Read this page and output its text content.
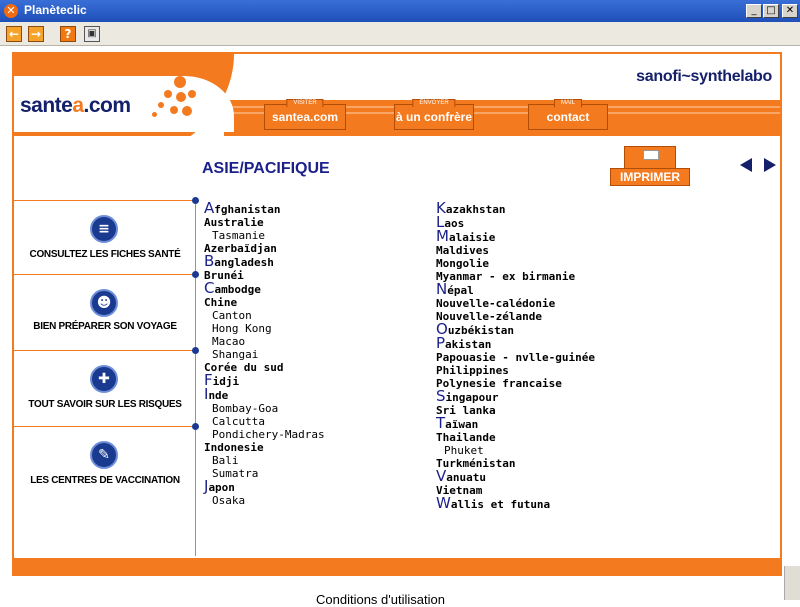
✕ Planèteclic	_ □	✕
← →	?	▣
santea.com
sanofi~synthelabo
VISITER
santea.com
ENVOYER
à un confrère
MAIL
contact
ASIE/PACIFIQUE	IMPRIMER
≡
CONSULTEZ LES FICHES SANTÉ
☻
BIEN PRÉPARER SON VOYAGE
✚
TOUT SAVOIR SUR LES RISQUES
✎
LES CENTRES DE VACCINATION
Afghanistan
Australie
Tasmanie
Azerbaïdjan
Bangladesh
Brunéi
Cambodge
Chine
Canton
Hong Kong
Macao
Shangai
Corée du sud
Fidji
Inde
Bombay-Goa
Calcutta
Pondichery-Madras
Indonesie
Bali
Sumatra
Japon
Osaka
Kazakhstan
Laos
Malaisie
Maldives
Mongolie
Myanmar - ex birmanie
Népal
Nouvelle-calédonie
Nouvelle-zélande
Ouzbékistan
Pakistan
Papouasie - nvlle-guinée
Philippines
Polynesie francaise
Singapour
Sri lanka
Taïwan
Thailande
Phuket
Turkménistan
Vanuatu
Vietnam
Wallis et futuna
Conditions d'utilisation
